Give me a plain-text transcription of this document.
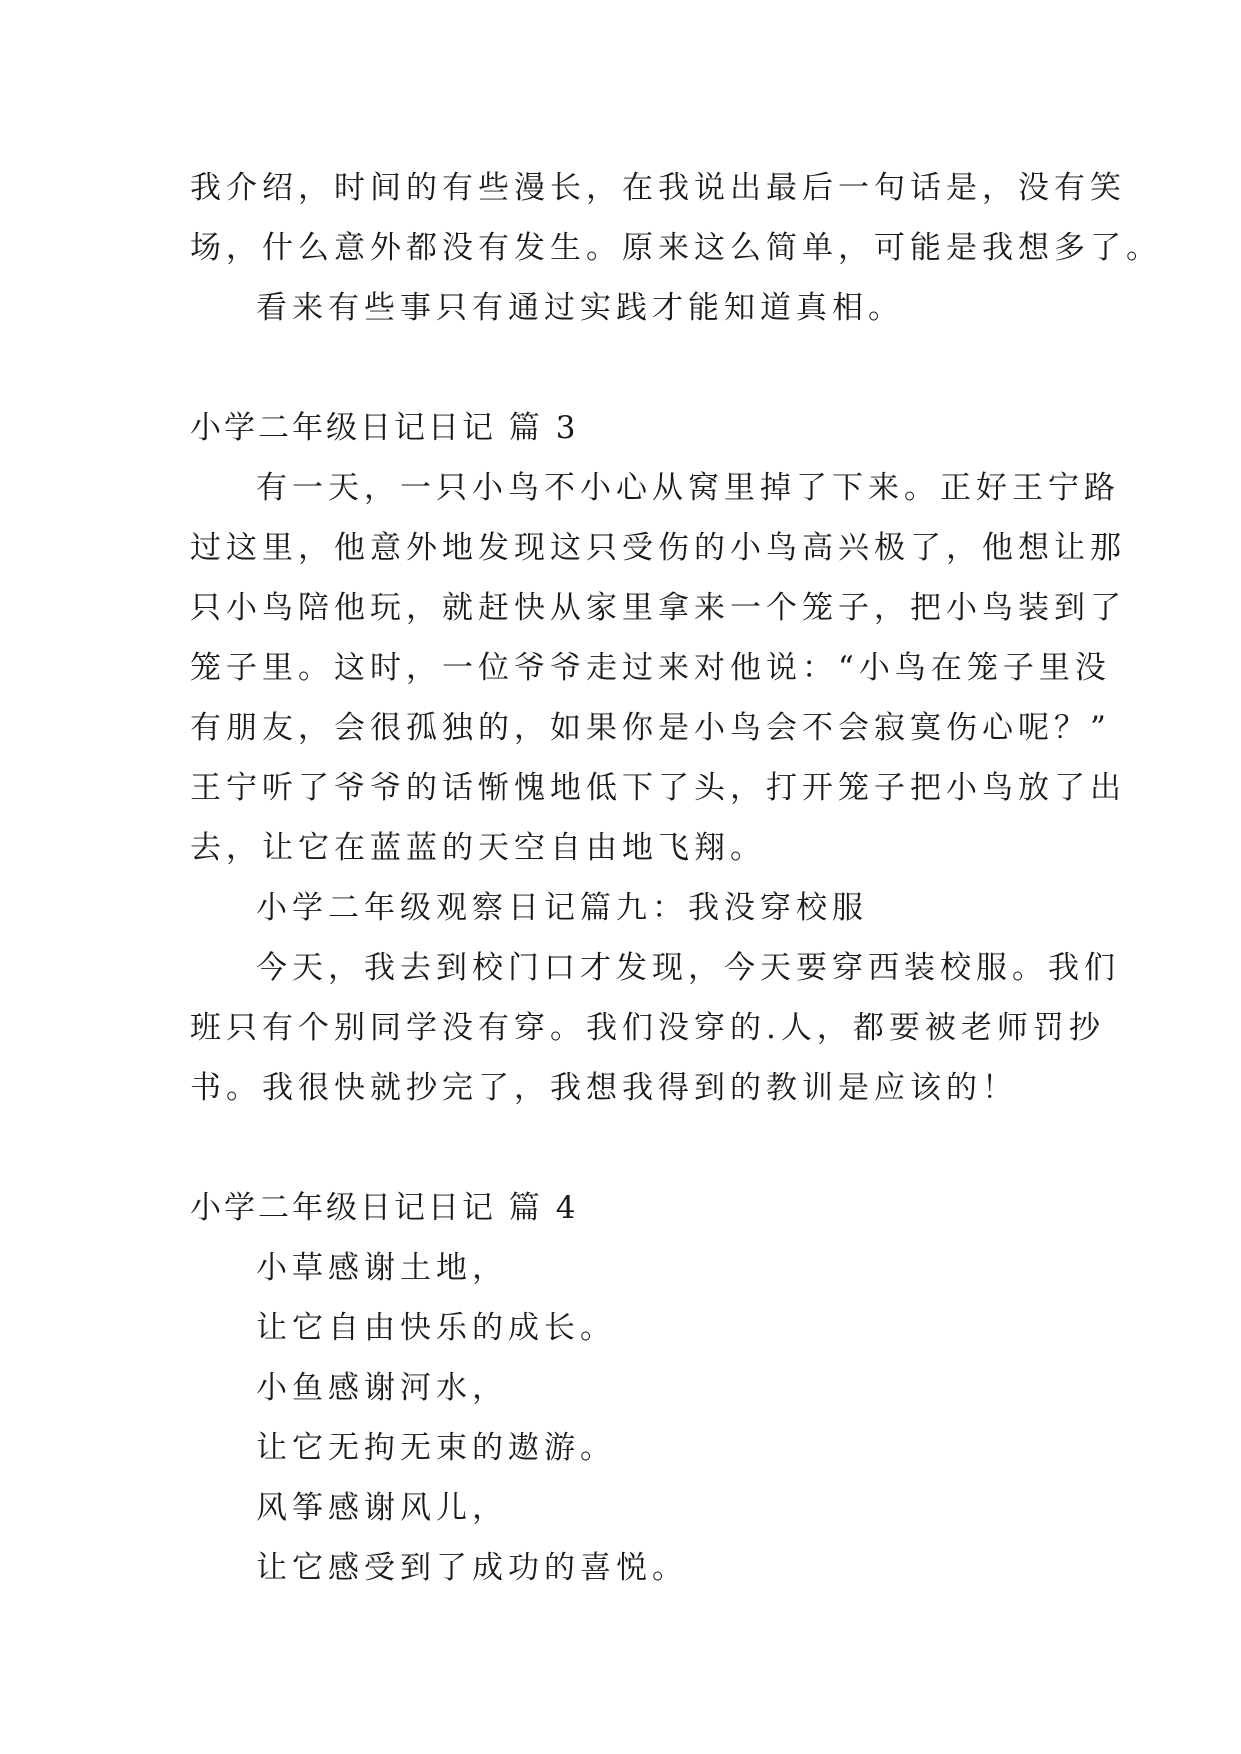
我介绍，时间的有些漫长，在我说出最后一句话是，没有笑
场，什么意外都没有发生。原来这么简单，可能是我想多了。
看来有些事只有通过实践才能知道真相。
小学二年级日记日记 篇 3
有一天，一只小鸟不小心从窝里掉了下来。正好王宁路
过这里，他意外地发现这只受伤的小鸟高兴极了，他想让那
只小鸟陪他玩，就赶快从家里拿来一个笼子，把小鸟装到了
笼子里。这时，一位爷爷走过来对他说：“小鸟在笼子里没
有朋友，会很孤独的，如果你是小鸟会不会寂寞伤心呢？”
王宁听了爷爷的话惭愧地低下了头，打开笼子把小鸟放了出
去，让它在蓝蓝的天空自由地飞翔。
小学二年级观察日记篇九：我没穿校服
今天，我去到校门口才发现，今天要穿西装校服。我们
班只有个别同学没有穿。我们没穿的.人，都要被老师罚抄
书。我很快就抄完了，我想我得到的教训是应该的！
小学二年级日记日记 篇 4
小草感谢土地，
让它自由快乐的成长。
小鱼感谢河水，
让它无拘无束的遨游。
风筝感谢风儿，
让它感受到了成功的喜悦。
